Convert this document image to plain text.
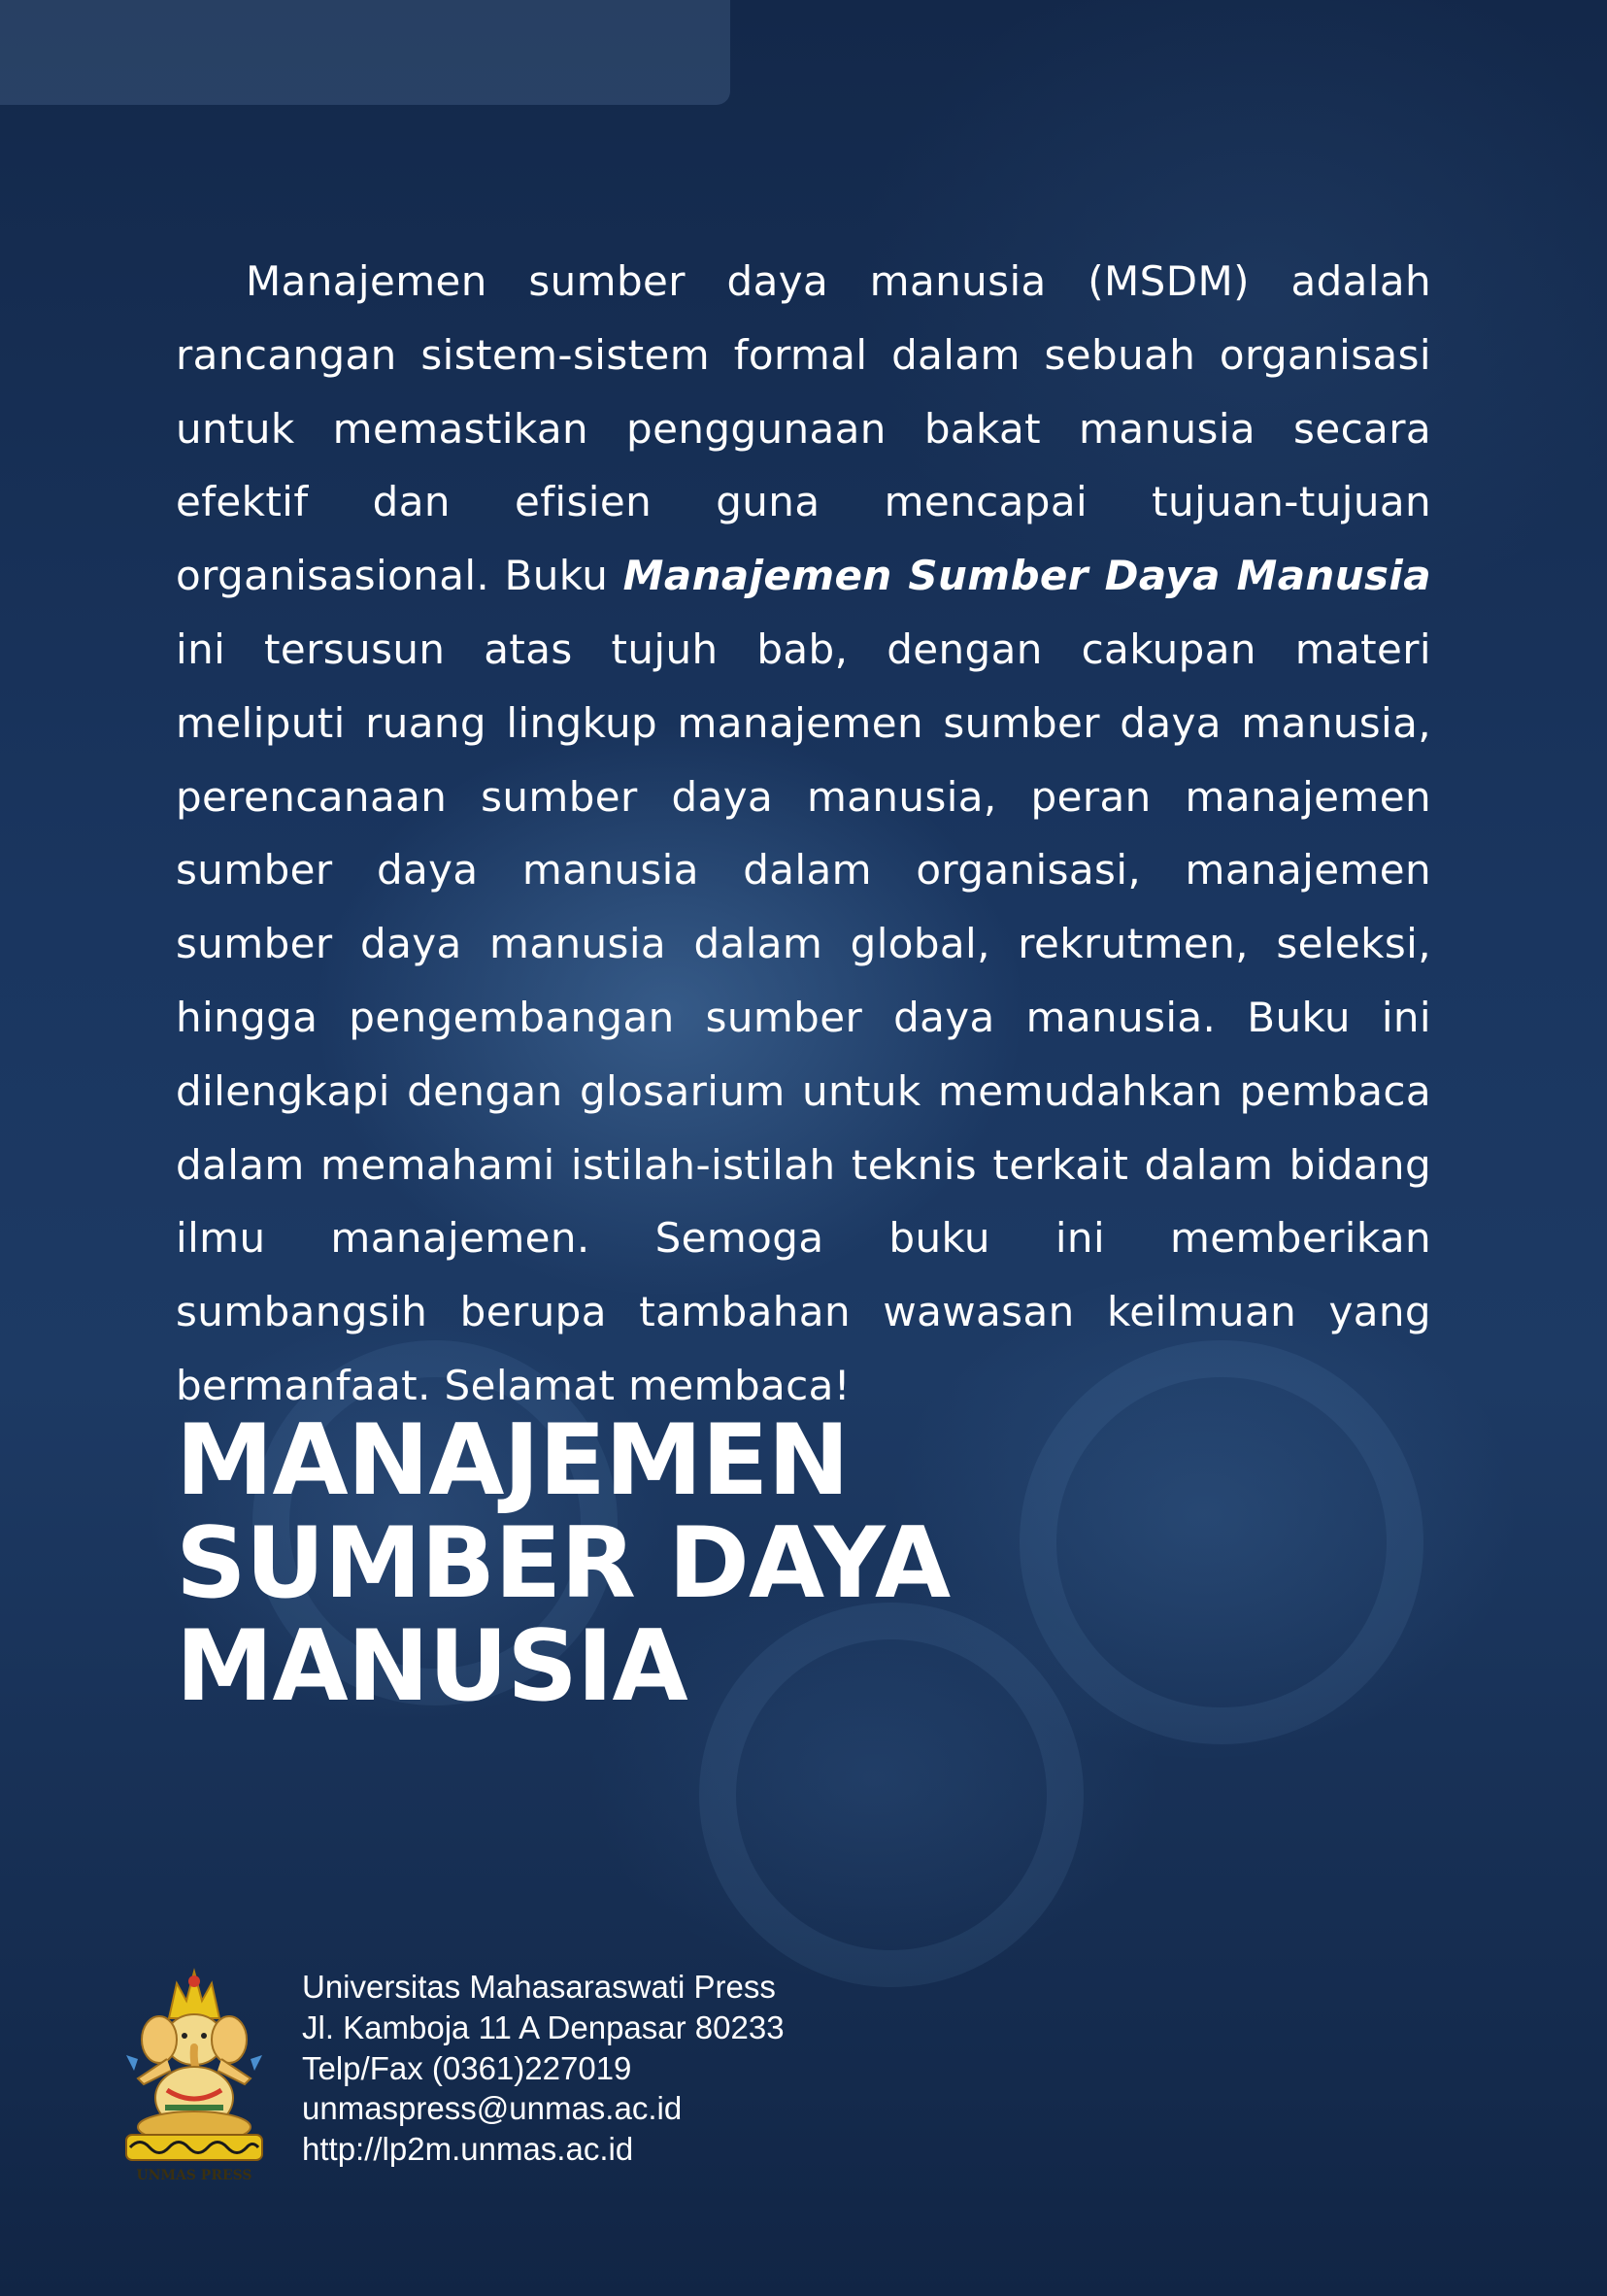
Manajemen sumber daya manusia (MSDM) adalah rancangan sistem-sistem formal dalam sebuah organisasi untuk memastikan penggunaan bakat manusia secara efektif dan efisien guna mencapai tujuan-tujuan organisasional. Buku Manajemen Sumber Daya Manusia ini tersusun atas tujuh bab, dengan cakupan materi meliputi ruang lingkup manajemen sumber daya manusia, perencanaan sumber daya manusia, peran manajemen sumber daya manusia dalam organisasi, manajemen sumber daya manusia dalam global, rekrutmen, seleksi, hingga pengembangan sumber daya manusia. Buku ini dilengkapi dengan glosarium untuk memudahkan pembaca dalam memahami istilah-istilah teknis terkait dalam bidang ilmu manajemen. Semoga buku ini memberikan sumbangsih berupa tambahan wawasan keilmuan yang bermanfaat. Selamat membaca!

MANAJEMEN
SUMBER DAYA
MANUSIA
UNMAS PRESS
Universitas Mahasaraswati Press
Jl. Kamboja 11 A Denpasar 80233
Telp/Fax (0361)227019
unmaspress@unmas.ac.id
http://lp2m.unmas.ac.id
